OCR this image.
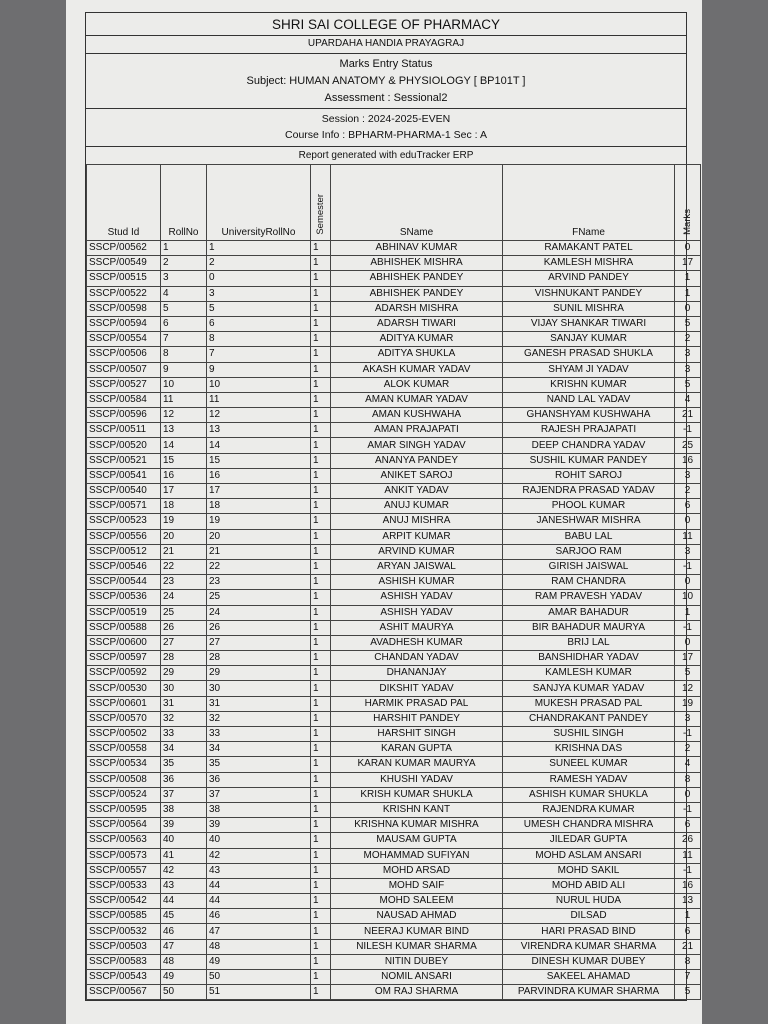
SHRI SAI COLLEGE OF PHARMACY
UPARDAHA HANDIA PRAYAGRAJ
Marks Entry Status
Subject: HUMAN ANATOMY & PHYSIOLOGY [ BP101T ]
Assessment : Sessional2
Session : 2024-2025-EVEN
Course Info : BPHARM-PHARMA-1 Sec : A
Report generated with eduTracker ERP
Stud Id	RollNo	UniversityRollNo	Semester	SName	FName	Marks
SSCP/00562	1	1	1	ABHINAV KUMAR	RAMAKANT PATEL	0
SSCP/00549	2	2	1	ABHISHEK MISHRA	KAMLESH MISHRA	17
SSCP/00515	3	0	1	ABHISHEK PANDEY	ARVIND PANDEY	1
SSCP/00522	4	3	1	ABHISHEK PANDEY	VISHNUKANT PANDEY	1
SSCP/00598	5	5	1	ADARSH MISHRA	SUNIL MISHRA	0
SSCP/00594	6	6	1	ADARSH TIWARI	VIJAY SHANKAR TIWARI	5
SSCP/00554	7	8	1	ADITYA KUMAR	SANJAY KUMAR	2
SSCP/00506	8	7	1	ADITYA SHUKLA	GANESH PRASAD SHUKLA	3
SSCP/00507	9	9	1	AKASH KUMAR YADAV	SHYAM JI YADAV	3
SSCP/00527	10	10	1	ALOK KUMAR	KRISHN KUMAR	5
SSCP/00584	11	11	1	AMAN KUMAR YADAV	NAND LAL YADAV	4
SSCP/00596	12	12	1	AMAN KUSHWAHA	GHANSHYAM KUSHWAHA	21
SSCP/00511	13	13	1	AMAN PRAJAPATI	RAJESH PRAJAPATI	-1
SSCP/00520	14	14	1	AMAR SINGH YADAV	DEEP CHANDRA YADAV	25
SSCP/00521	15	15	1	ANANYA PANDEY	SUSHIL KUMAR PANDEY	16
SSCP/00541	16	16	1	ANIKET SAROJ	ROHIT SAROJ	3
SSCP/00540	17	17	1	ANKIT YADAV	RAJENDRA PRASAD YADAV	2
SSCP/00571	18	18	1	ANUJ KUMAR	PHOOL KUMAR	6
SSCP/00523	19	19	1	ANUJ MISHRA	JANESHWAR MISHRA	0
SSCP/00556	20	20	1	ARPIT KUMAR	BABU LAL	11
SSCP/00512	21	21	1	ARVIND KUMAR	SARJOO RAM	3
SSCP/00546	22	22	1	ARYAN JAISWAL	GIRISH JAISWAL	-1
SSCP/00544	23	23	1	ASHISH KUMAR	RAM CHANDRA	0
SSCP/00536	24	25	1	ASHISH YADAV	RAM PRAVESH YADAV	10
SSCP/00519	25	24	1	ASHISH YADAV	AMAR BAHADUR	1
SSCP/00588	26	26	1	ASHIT MAURYA	BIR BAHADUR MAURYA	-1
SSCP/00600	27	27	1	AVADHESH KUMAR	BRIJ LAL	0
SSCP/00597	28	28	1	CHANDAN YADAV	BANSHIDHAR YADAV	17
SSCP/00592	29	29	1	DHANANJAY	KAMLESH KUMAR	5
SSCP/00530	30	30	1	DIKSHIT YADAV	SANJYA KUMAR YADAV	12
SSCP/00601	31	31	1	HARMIK PRASAD PAL	MUKESH PRASAD PAL	19
SSCP/00570	32	32	1	HARSHIT PANDEY	CHANDRAKANT PANDEY	3
SSCP/00502	33	33	1	HARSHIT SINGH	SUSHIL SINGH	-1
SSCP/00558	34	34	1	KARAN GUPTA	KRISHNA DAS	2
SSCP/00534	35	35	1	KARAN KUMAR MAURYA	SUNEEL KUMAR	4
SSCP/00508	36	36	1	KHUSHI YADAV	RAMESH YADAV	8
SSCP/00524	37	37	1	KRISH KUMAR SHUKLA	ASHISH KUMAR SHUKLA	0
SSCP/00595	38	38	1	KRISHN KANT	RAJENDRA KUMAR	-1
SSCP/00564	39	39	1	KRISHNA KUMAR MISHRA	UMESH CHANDRA MISHRA	6
SSCP/00563	40	40	1	MAUSAM GUPTA	JILEDAR GUPTA	26
SSCP/00573	41	42	1	MOHAMMAD SUFIYAN	MOHD ASLAM ANSARI	11
SSCP/00557	42	43	1	MOHD ARSAD	MOHD SAKIL	-1
SSCP/00533	43	44	1	MOHD SAIF	MOHD ABID ALI	16
SSCP/00542	44	44	1	MOHD SALEEM	NURUL HUDA	13
SSCP/00585	45	46	1	NAUSAD AHMAD	DILSAD	1
SSCP/00532	46	47	1	NEERAJ KUMAR BIND	HARI PRASAD BIND	6
SSCP/00503	47	48	1	NILESH KUMAR SHARMA	VIRENDRA KUMAR SHARMA	21
SSCP/00583	48	49	1	NITIN DUBEY	DINESH KUMAR DUBEY	8
SSCP/00543	49	50	1	NOMIL ANSARI	SAKEEL AHAMAD	7
SSCP/00567	50	51	1	OM RAJ SHARMA	PARVINDRA KUMAR SHARMA	5
